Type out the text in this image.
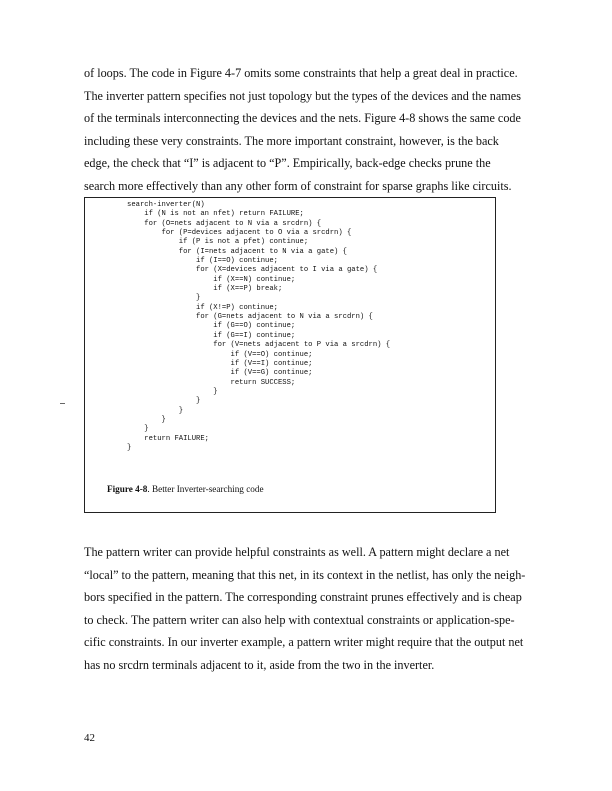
of loops. The code in Figure 4-7 omits some constraints that help a great deal in practice.
The inverter pattern specifies not just topology but the types of the devices and the names
of the terminals interconnecting the devices and the nets. Figure 4-8 shows the same code
including these very constraints. The more important constraint, however, is the back
edge, the check that “I” is adjacent to “P”. Empirically, back-edge checks prune the
search more effectively than any other form of constraint for sparse graphs like circuits.
search-inverter(N)
if (N is not an nfet) return FAILURE;
for (O=nets adjacent to N via a srcdrn) {
for (P=devices adjacent to O via a srcdrn) {
if (P is not a pfet) continue;
for (I=nets adjacent to N via a gate) {
if (I==O) continue;
for (X=devices adjacent to I via a gate) {
if (X==N) continue;
if (X==P) break;
}
if (X!=P) continue;
for (G=nets adjacent to N via a srcdrn) {
if (G==O) continue;
if (G==I) continue;
for (V=nets adjacent to P via a srcdrn) {
if (V==O) continue;
if (V==I) continue;
if (V==G) continue;
return SUCCESS;
}
}
}
}
}
return FAILURE;
}
Figure 4-8. Better Inverter-searching code
The pattern writer can provide helpful constraints as well. A pattern might declare a net
“local” to the pattern, meaning that this net, in its context in the netlist, has only the neigh-
bors specified in the pattern. The corresponding constraint prunes effectively and is cheap
to check. The pattern writer can also help with contextual constraints or application-spe-
cific constraints. In our inverter example, a pattern writer might require that the output net
has no srcdrn terminals adjacent to it, aside from the two in the inverter.
42
